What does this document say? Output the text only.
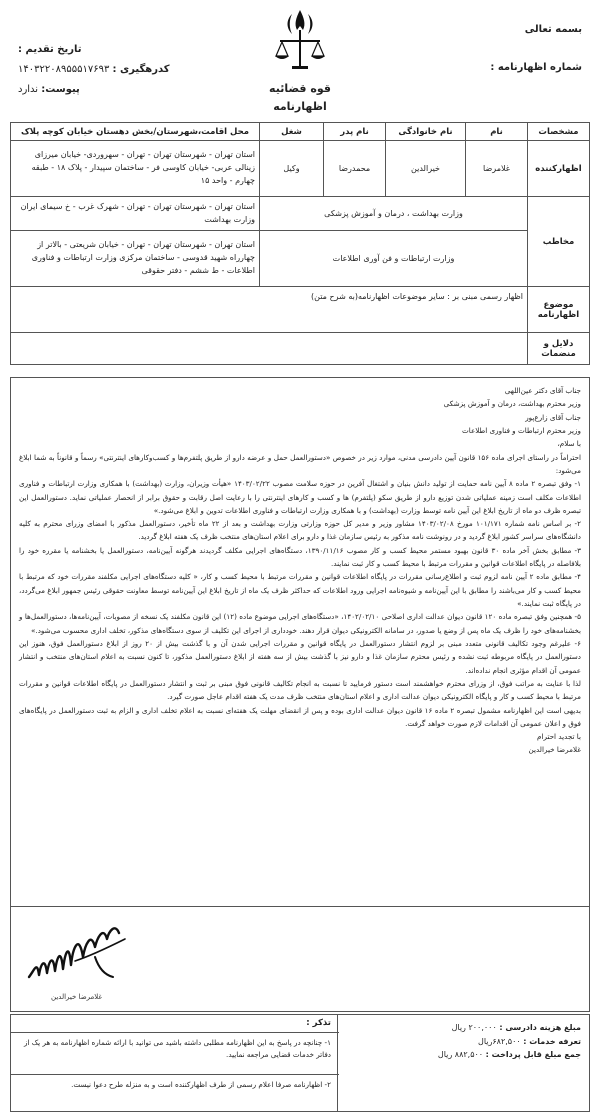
بسمه تعالی
شماره اظهارنامه :
تاریخ تقدیم :
کدرهگیری : ۱۴۰۳۲۲۰۸۹۵۵۵۱۷۶۹۳
پیوست: ندارد	قوه قضائیه
اظهارنامه
مشخصات	نام	نام خانوادگی	نام پدر	شغل	محل اقامت،شهرستان/بخش دهستان خیابان کوچه پلاک
اظهارکننده	غلامرضا	خیرالدین	محمدرضا	وکیل	استان تهران - شهرستان تهران - تهران - سهروردی- خیابان میرزای زینالی عربی- خیابان کاوسی فر - ساختمان سپیدار - پلاک ۱۸ - طبقه چهارم - واحد ۱۵
مخاطب	وزارت بهداشت ، درمان و آموزش پزشکی				استان تهران - شهرستان تهران - تهران - شهرک غرب - خ سیمای ایران وزارت بهداشت
	وزارت ارتباطات و فن آوری اطلاعات				استان تهران - شهرستان تهران - تهران - خیابان شریعتی - بالاتر از چهارراه شهید قدوسی - ساختمان مرکزی وزارت ارتباطات و فناوری اطلاعات - ط ششم - دفتر حقوقی
موضوع اظهارنامه	اظهار رسمی مبنی بر : سایر موضوعات اظهارنامه(به شرح متن)				
دلایل و منضمات					

جناب آقای دکتر عین‌اللهی

وزیر محترم بهداشت، درمان و آموزش پزشکی

جناب آقای زارع‌پور

وزیر محترم ارتباطات و فناوری اطلاعات

با سلام،

احتراماً در راستای اجرای ماده ۱۵۶ قانون آیین دادرسی مدنی، موارد زیر در خصوص «دستورالعمل حمل و عرضه دارو از طریق پلتفرم‌ها و کسب‌وکارهای اینترنتی» رسماً و قانوناً به شما ابلاغ می‌شود:

۱- وفق تبصره ۲ ماده ۸ آیین نامه حمایت از تولید دانش بنیان و اشتغال آفرین در حوزه سلامت مصوب ۱۴۰۳/۰۲/۲۲ «هیأت وزیران، وزارت (بهداشت) با همکاری وزارت ارتباطات و فناوری اطلاعات مکلف است زمینه عملیاتی شدن توزیع دارو از طریق سکو (پلتفرم) ها و کسب و کارهای اینترنتی را با رعایت اصل رقابت و حقوق برابر از انحصار عملیاتی نماید. دستورالعمل این تبصره ظرف دو ماه از تاریخ ابلاغ این آیین نامه توسط وزارت (بهداشت) و با همکاری وزارت ارتباطات و فناوری اطلاعات تدوین و ابلاغ می‌شود.»

۲- بر اساس نامه شماره ۱۰۱/۱۷۱ مورخ ۱۴۰۳/۰۲/۰۸ مشاور وزیر و مدیر کل حوزه وزارتی وزارت بهداشت و بعد از ۲۲ ماه تأخیر، دستورالعمل مذکور با امضای وزرای محترم به کلیه دانشگاه‌های سراسر کشور ابلاغ گردید و در رونوشت نامه مذکور به رئیس سازمان غذا و دارو برای اعلام استان‌های منتخب ظرف یک هفته ابلاغ گردید.

۳- مطابق بخش آخر ماده ۳۰ قانون بهبود مستمر محیط کسب و کار مصوب ۱۳۹۰/۱۱/۱۶، دستگاه‌های اجرایی مکلف گردیدند هرگونه آیین‌نامه، دستورالعمل یا بخشنامه یا مقرره خود را بلافاصله در پایگاه اطلاعات قوانین و مقررات مرتبط با محیط کسب و کار ثبت نمایند.

۴- مطابق ماده ۲ آیین نامه لزوم ثبت و اطلاع‌رسانی مقررات در پایگاه اطلاعات قوانین و مقررات مرتبط با محیط کسب و کار، « کلیه دستگاه‌های اجرایی مکلفند مقررات خود که مرتبط با محیط کسب و کار می‌باشند را مطابق با این آیین‌نامه و شیوه‌نامه اجرایی ورود اطلاعات که حداکثر ظرف یک ماه از تاریخ ابلاغ این آیین‌نامه توسط معاونت حقوقی رئیس جمهور ابلاغ می‌گردد، در پایگاه ثبت نمایند.»

۵- همچنین وفق تبصره ماده ۱۲۰ قانون دیوان عدالت اداری اصلاحی ۱۴۰۲/۰۲/۱۰، «دستگاه‌های اجرایی موضوع ماده (۱۲) این قانون مکلفند یک نسخه از مصوبات، آیین‌نامه‌ها، دستورالعمل‌ها و بخشنامه‌های خود را ظرف یک ماه پس از وضع یا صدور، در سامانه الکترونیکی دیوان قرار دهند. خودداری از اجرای این تکلیف از سوی دستگاه‌های مذکور، تخلف اداری محسوب می‌شود.»

۶- علیرغم وجود تکالیف قانونی متعدد مبنی بر لزوم انتشار دستورالعمل در پایگاه قوانین و مقررات اجرایی شدن آن و با گذشت بیش از ۲۰ روز از ابلاغ دستورالعمل فوق، هنوز این دستورالعمل در پایگاه مربوطه ثبت نشده و رئیس محترم سازمان غذا و دارو نیز با گذشت بیش از سه هفته از ابلاغ دستورالعمل مذکور، تا کنون نسبت به اعلام استان‌های منتخب و انتشار عمومی آن اقدام مؤثری انجام نداده‌اند.

لذا با عنایت به مراتب فوق، از وزرای محترم خواهشمند است دستور فرمایید تا نسبت به انجام تکالیف قانونی فوق مبنی بر ثبت و انتشار دستورالعمل در پایگاه اطلاعات قوانین و مقررات مرتبط با محیط کسب و کار و پایگاه الکترونیکی دیوان عدالت اداری و اعلام استان‌های منتخب ظرف مدت یک هفته اقدام عاجل صورت گیرد.

بدیهی است این اظهارنامه مشمول تبصره ۲ ماده ۱۶ قانون دیوان عدالت اداری بوده و پس از انقضای مهلت یک هفته‌ای نسبت به اعلام تخلف اداری و الزام به ثبت دستورالعمل در پایگاه‌های فوق و اعلان عمومی آن اقدامات لازم صورت خواهد گرفت.

با تجدید احترام

غلامرضا خیرالدین

غلامرضا خیرالدین
مبلغ هزینه دادرسی : ۲۰۰,۰۰۰ ریال
تعرفه خدمات : ۶۸۲,۵۰۰ریال
جمع مبلغ قابل پرداخت : ۸۸۲,۵۰۰ ریال
تذکر :
۱- چنانچه در پاسخ به این اظهارنامه مطلبی داشته باشید می توانید با ارائه شماره اظهارنامه به هر یک از دفاتر خدمات قضایی مراجعه نمایید.
۲- اظهارنامه صرفا اعلام رسمی از طرف اظهارکننده است و به منزله طرح دعوا نیست.
